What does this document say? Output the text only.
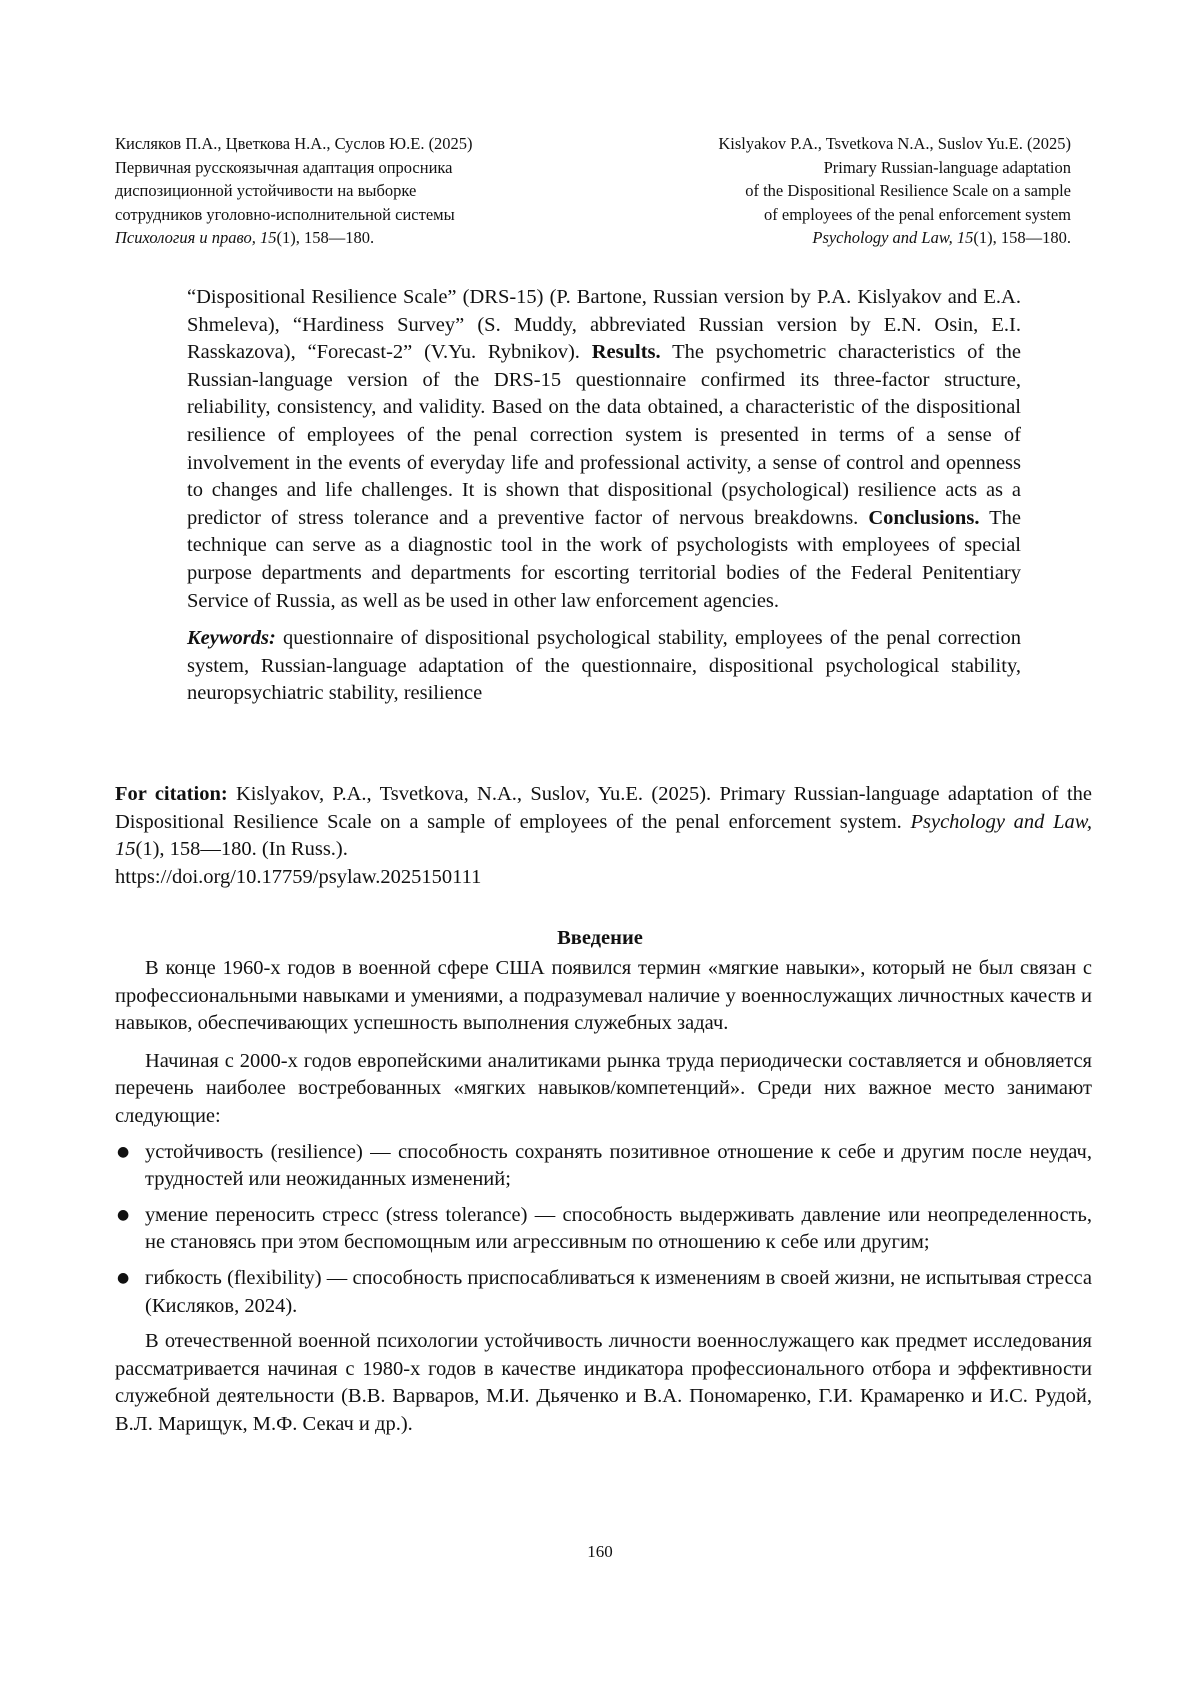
Кисляков П.А., Цветкова Н.А., Суслов Ю.Е. (2025)
Первичная русскоязычная адаптация опросника
диспозиционной устойчивости на выборке
сотрудников уголовно-исполнительной системы
Психология и право, 15(1), 158—180.
Kislyakov P.A., Tsvetkova N.A., Suslov Yu.E. (2025)
Primary Russian-language adaptation
of the Dispositional Resilience Scale on a sample
of employees of the penal enforcement system
Psychology and Law, 15(1), 158—180.

“Dispositional Resilience Scale” (DRS-15) (P. Bartone, Russian version by P.A. Kislyakov and E.A. Shmeleva), “Hardiness Survey” (S. Muddy, abbreviated Russian version by E.N. Osin, E.I. Rasskazova), “Forecast-2” (V.Yu. Rybnikov). Results. The psychometric characteristics of the Russian-language version of the DRS-15 questionnaire confirmed its three-factor structure, reliability, consistency, and validity. Based on the data obtained, a characteristic of the dispositional resilience of employees of the penal correction system is presented in terms of a sense of involvement in the events of everyday life and professional activity, a sense of control and openness to changes and life challenges. It is shown that dispositional (psychological) resilience acts as a predictor of stress tolerance and a preventive factor of nervous breakdowns. Conclusions. The technique can serve as a diagnostic tool in the work of psychologists with employees of special purpose departments and departments for escorting territorial bodies of the Federal Penitentiary Service of Russia, as well as be used in other law enforcement agencies.

Keywords: questionnaire of dispositional psychological stability, employees of the penal correction system, Russian-language adaptation of the questionnaire, dispositional psychological stability, neuropsychiatric stability, resilience

For citation: Kislyakov, P.A., Tsvetkova, N.A., Suslov, Yu.E. (2025). Primary Russian-language adaptation of the Dispositional Resilience Scale on a sample of employees of the penal enforcement system. Psychology and Law, 15(1), 158—180. (In Russ.).
https://doi.org/10.17759/psylaw.2025150111

Введение

В конце 1960-х годов в военной сфере США появился термин «мягкие навыки», который не был связан с профессиональными навыками и умениями, а подразумевал наличие у военнослужащих личностных качеств и навыков, обеспечивающих успешность выполнения служебных задач.

Начиная с 2000-х годов европейскими аналитиками рынка труда периодически составляется и обновляется перечень наиболее востребованных «мягких навыков/компетенций». Среди них важное место занимают следующие:

● устойчивость (resilience) — способность сохранять позитивное отношение к себе и другим после неудач, трудностей или неожиданных изменений;
● умение переносить стресс (stress tolerance) — способность выдерживать давление или неопределенность, не становясь при этом беспомощным или агрессивным по отношению к себе или другим;
● гибкость (flexibility) — способность приспосабливаться к изменениям в своей жизни, не испытывая стресса (Кисляков, 2024).

В отечественной военной психологии устойчивость личности военнослужащего как предмет исследования рассматривается начиная с 1980-х годов в качестве индикатора профессионального отбора и эффективности служебной деятельности (В.В. Варваров, М.И. Дьяченко и В.А. Пономаренко, Г.И. Крамаренко и И.С. Рудой, В.Л. Марищук, М.Ф. Секач и др.).

160
